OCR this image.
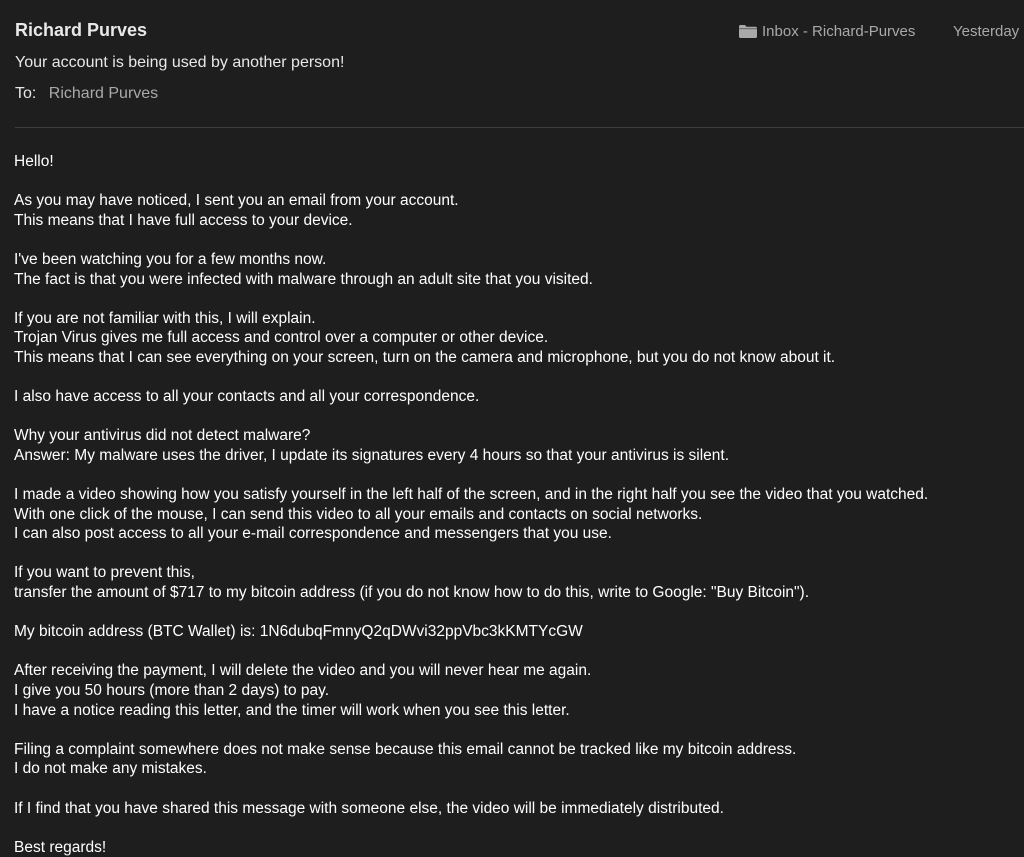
Richard Purves
Your account is being used by another person!
To: Richard Purves
Inbox - Richard-Purves	Yesterday
Hello!
As you may have noticed, I sent you an email from your account.
This means that I have full access to your device.
I've been watching you for a few months now.
The fact is that you were infected with malware through an adult site that you visited.
If you are not familiar with this, I will explain.
Trojan Virus gives me full access and control over a computer or other device.
This means that I can see everything on your screen, turn on the camera and microphone, but you do not know about it.
I also have access to all your contacts and all your correspondence.
Why your antivirus did not detect malware?
Answer: My malware uses the driver, I update its signatures every 4 hours so that your antivirus is silent.
I made a video showing how you satisfy yourself in the left half of the screen, and in the right half you see the video that you watched.
With one click of the mouse, I can send this video to all your emails and contacts on social networks.
I can also post access to all your e-mail correspondence and messengers that you use.
If you want to prevent this,
transfer the amount of $717 to my bitcoin address (if you do not know how to do this, write to Google: "Buy Bitcoin").
My bitcoin address (BTC Wallet) is: 1N6dubqFmnyQ2qDWvi32ppVbc3kKMTYcGW
After receiving the payment, I will delete the video and you will never hear me again.
I give you 50 hours (more than 2 days) to pay.
I have a notice reading this letter, and the timer will work when you see this letter.
Filing a complaint somewhere does not make sense because this email cannot be tracked like my bitcoin address.
I do not make any mistakes.
If I find that you have shared this message with someone else, the video will be immediately distributed.
Best regards!
